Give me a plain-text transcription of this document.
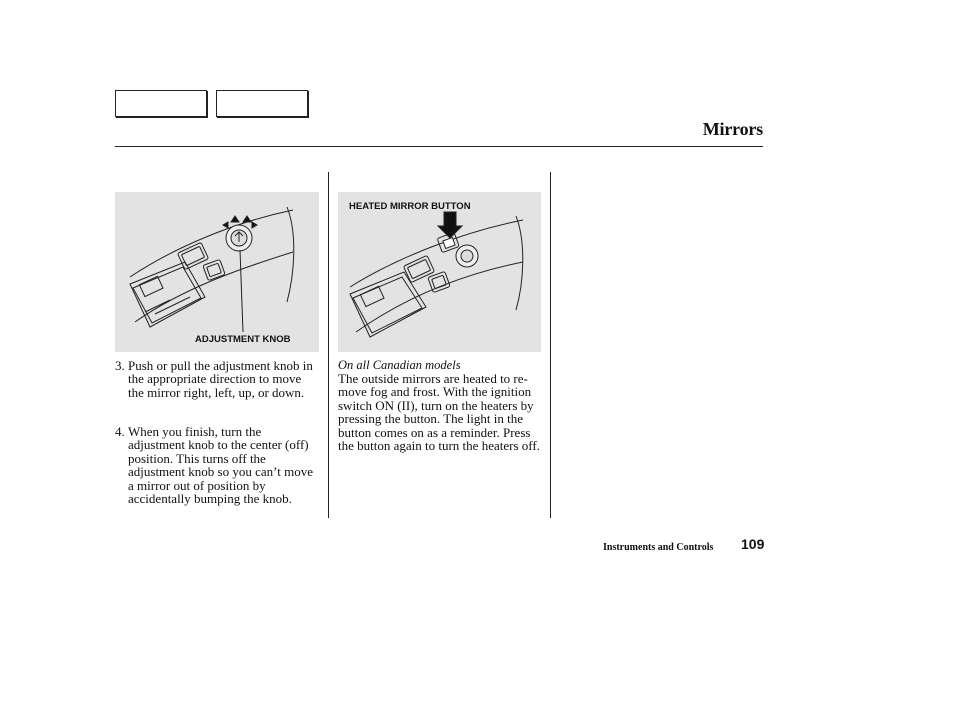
Mirrors
ADJUSTMENT KNOB
HEATED MIRROR BUTTON
3. Push or pull the adjustment knob in the appropriate direction to move the mirror right, left, up, or down.
4. When you finish, turn the adjustment knob to the center (off) position. This turns off the adjustment knob so you can’t move a mirror out of position by accidentally bumping the knob.
On all Canadian models
The outside mirrors are heated to re-move fog and frost. With the ignition switch ON (II), turn on the heaters by pressing the button. The light in the button comes on as a reminder. Press the button again to turn the heaters off.
Instruments and Controls 109
